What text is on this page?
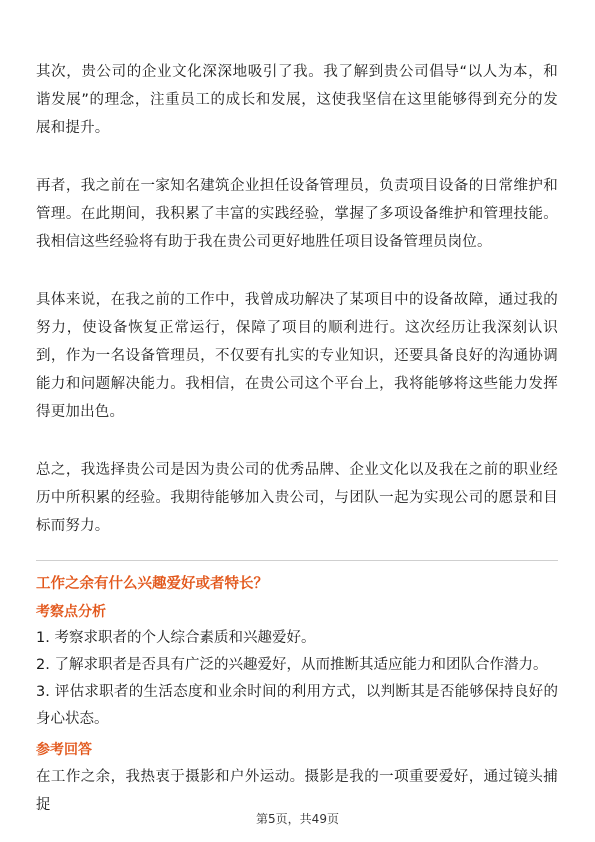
其次，贵公司的企业文化深深地吸引了我。我了解到贵公司倡导“以人为本，和谐发展”的理念，注重员工的成长和发展，这使我坚信在这里能够得到充分的发展和提升。

再者，我之前在一家知名建筑企业担任设备管理员，负责项目设备的日常维护和管理。在此期间，我积累了丰富的实践经验，掌握了多项设备维护和管理技能。我相信这些经验将有助于我在贵公司更好地胜任项目设备管理员岗位。

具体来说，在我之前的工作中，我曾成功解决了某项目中的设备故障，通过我的努力，使设备恢复正常运行，保障了项目的顺利进行。这次经历让我深刻认识到，作为一名设备管理员，不仅要有扎实的专业知识，还要具备良好的沟通协调能力和问题解决能力。我相信，在贵公司这个平台上，我将能够将这些能力发挥得更加出色。

总之，我选择贵公司是因为贵公司的优秀品牌、企业文化以及我在之前的职业经历中所积累的经验。我期待能够加入贵公司，与团队一起为实现公司的愿景和目标而努力。

工作之余有什么兴趣爱好或者特长？
考察点分析
1. 考察求职者的个人综合素质和兴趣爱好。
2. 了解求职者是否具有广泛的兴趣爱好，从而推断其适应能力和团队合作潜力。
3. 评估求职者的生活态度和业余时间的利用方式，以判断其是否能够保持良好的身心状态。
参考回答

在工作之余，我热衷于摄影和户外运动。摄影是我的一项重要爱好，通过镜头捕捉

第5页，共49页
